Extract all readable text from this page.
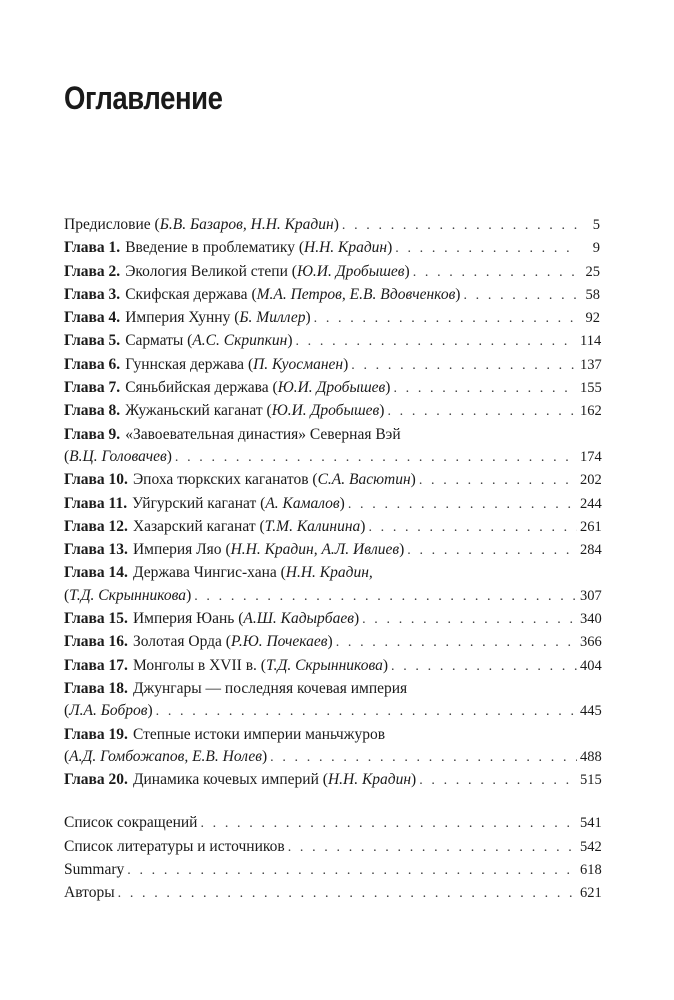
Оглавление
Предисловие (Б.В. Базаров, Н.Н. Крадин) . . .	5
Глава 1. Введение в проблематику (Н.Н. Крадин) . . .	9
Глава 2. Экология Великой степи (Ю.И. Дробышев) . . .	25
Глава 3. Скифская держава (М.А. Петров, Е.В. Вдовченков) . . .	58
Глава 4. Империя Хунну (Б. Миллер) . . .	92
Глава 5. Сарматы (А.С. Скрипкин) . . .	114
Глава 6. Гуннская держава (П. Куосманен) . . .	137
Глава 7. Сяньбийская держава (Ю.И. Дробышев) . . .	155
Глава 8. Жужаньский каганат (Ю.И. Дробышев) . . .	162
Глава 9. «Завоевательная династия» Северная Вэй
(В.Ц. Головачев) . . .	174
Глава 10. Эпоха тюркских каганатов (С.А. Васютин) . . .	202
Глава 11. Уйгурский каганат (А. Камалов) . . .	244
Глава 12. Хазарский каганат (Т.М. Калинина) . . .	261
Глава 13. Империя Ляо (Н.Н. Крадин, А.Л. Ивлиев) . . .	284
Глава 14. Держава Чингис-хана (Н.Н. Крадин,
(Т.Д. Скрынникова) . . .	307
Глава 15. Империя Юань (А.Ш. Кадырбаев) . . .	340
Глава 16. Золотая Орда (Р.Ю. Почекаев) . . .	366
Глава 17. Монголы в XVII в. (Т.Д. Скрынникова) . . .	404
Глава 18. Джунгары — последняя кочевая империя
(Л.А. Бобров) . . .	445
Глава 19. Степные истоки империи маньчжуров
(А.Д. Гомбожапов, Е.В. Нолев) . . .	488
Глава 20. Динамика кочевых империй (Н.Н. Крадин) . . .	515
Список сокращений . . .	541
Список литературы и источников . . .	542
Summary . . .	618
Авторы . . .	621
